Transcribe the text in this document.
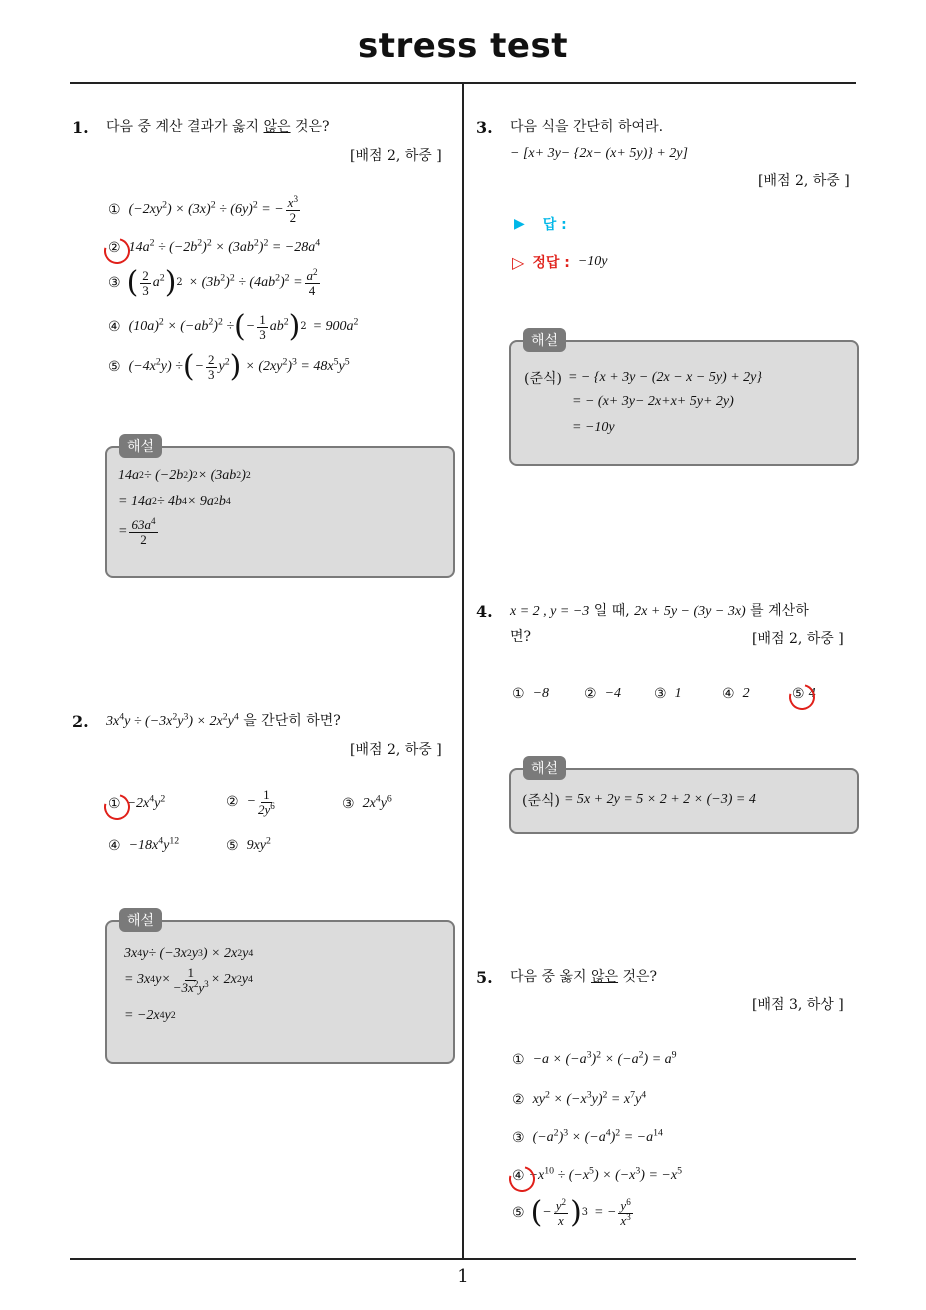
stress test
1
1. 다음 중 계산 결과가 옳지 않은 것은?
[배점 2, 하중 ]
① $(-2xy^2) \times (3x)^2 \div (6y)^2$ = − $\frac{x^3}{2}$
② $14a^2 \div (-2b^2)^2 \times (3ab^2)^2 = -28a^4$
③ ( $\frac{2}{3} a^2$ ) $2 \times (3b^2)^2 \div (4ab^2)^2 = \frac{a^2}{4}$
④ $(10a)^2 \times (-ab^2)^2$ ÷ ( − $\frac{1}{3} ab^2$ ) $2 = 900a^2$
⑤ $(-4x^2y)$ ÷ ( − $\frac{2}{3} y^2$ ) × $(2xy^2)^3 = 48x^5y^5$
해설
14 a 2 ÷ (−2 b 2 ) 2 × (3 ab 2 ) 2
= 14 a 2 ÷ 4 b 4 × 9 a 2 b 4
= $\frac{63a^4}{2}$
2. $3x^4y \div (-3x^2y^3) \times 2x^2y^4$ 을 간단히 하면?
[배점 2, 하중 ]
① $-2x^4y^2$	② − $\frac{1}{2y^6}$	③ $2x^4y^6$
④ $-18x^4y^{12}$	⑤ $9xy^2$
해설
3 x 4 y ÷ (−3 x 2 y 3 ) × 2 x 2 y 4
= 3 x 4 $y \times \frac{1}{-3x^2y^3} \times 2$ x 2 y 4
= −2 x 4 y 2
3. 다음 식을 간단히 하여라.
− [ x + 3 y − {2 x − ( x + 5 y )} + 2 y ]
[배점 2, 하중 ]
▶ 답 :
▷ 정답 : −10y
해설
(준식) = − {x + 3y − (2x − x − 5y) + 2y}
= − ( x + 3 y − 2 x + x + 5 y + 2 y )
= −10 y
4. x = 2 , y = −3 일 때, 2x + 5y − (3y − 3x) 를 계산하
면?	[배점 2, 하중 ]
① −8 ② −4 ③ 1	④ 2	⑤ 4
해설
(준식) = 5x + 2y = 5 × 2 + 2 × (−3) = 4
5. 다음 중 옳지 않은 것은?
[배점 3, 하상 ]
① $-a \times (-a^3)^2 \times (-a^2) = a^9$
② $xy^2 \times (-x^3y)^2 = x^7y^4$
③ $(-a^2)^3 \times (-a^4)^2 = -a^{14}$
④ $-x^{10} \div (-x^5) \times (-x^3) = -x^5$
⑤ ( − $\frac{y^2}{x}$ ) 3 = − $\frac{y^6}{x^3}$
